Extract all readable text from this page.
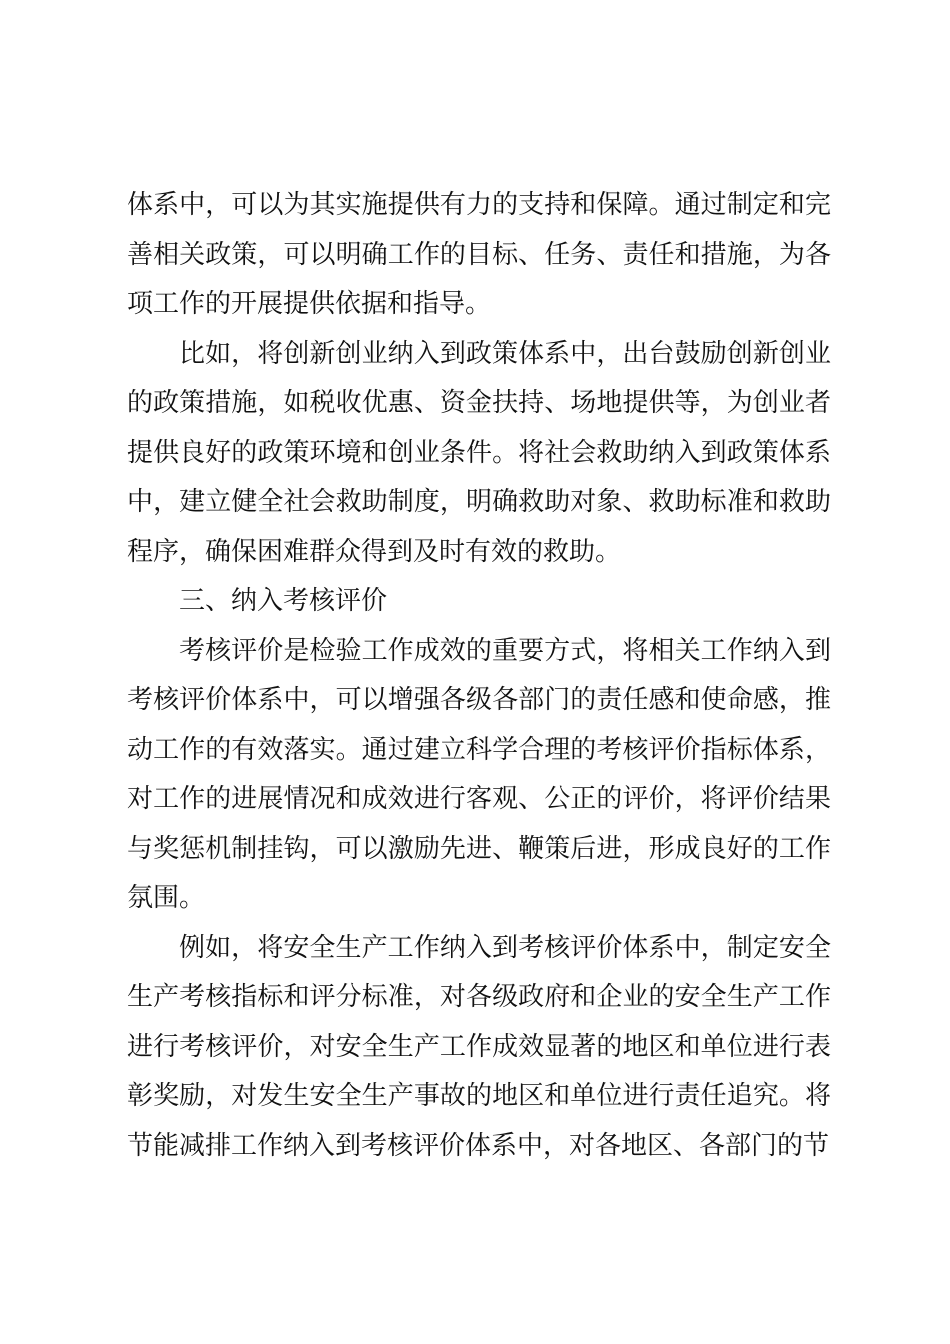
体系中，可以为其实施提供有力的支持和保障。通过制定和完善相关政策，可以明确工作的目标、任务、责任和措施，为各项工作的开展提供依据和指导。

比如，将创新创业纳入到政策体系中，出台鼓励创新创业的政策措施，如税收优惠、资金扶持、场地提供等，为创业者提供良好的政策环境和创业条件。将社会救助纳入到政策体系中，建立健全社会救助制度，明确救助对象、救助标准和救助程序，确保困难群众得到及时有效的救助。

三、纳入考核评价

考核评价是检验工作成效的重要方式，将相关工作纳入到考核评价体系中，可以增强各级各部门的责任感和使命感，推动工作的有效落实。通过建立科学合理的考核评价指标体系，对工作的进展情况和成效进行客观、公正的评价，将评价结果与奖惩机制挂钩，可以激励先进、鞭策后进，形成良好的工作氛围。

例如，将安全生产工作纳入到考核评价体系中，制定安全生产考核指标和评分标准，对各级政府和企业的安全生产工作进行考核评价，对安全生产工作成效显著的地区和单位进行表彰奖励，对发生安全生产事故的地区和单位进行责任追究。将节能减排工作纳入到考核评价体系中，对各地区、各部门的节
